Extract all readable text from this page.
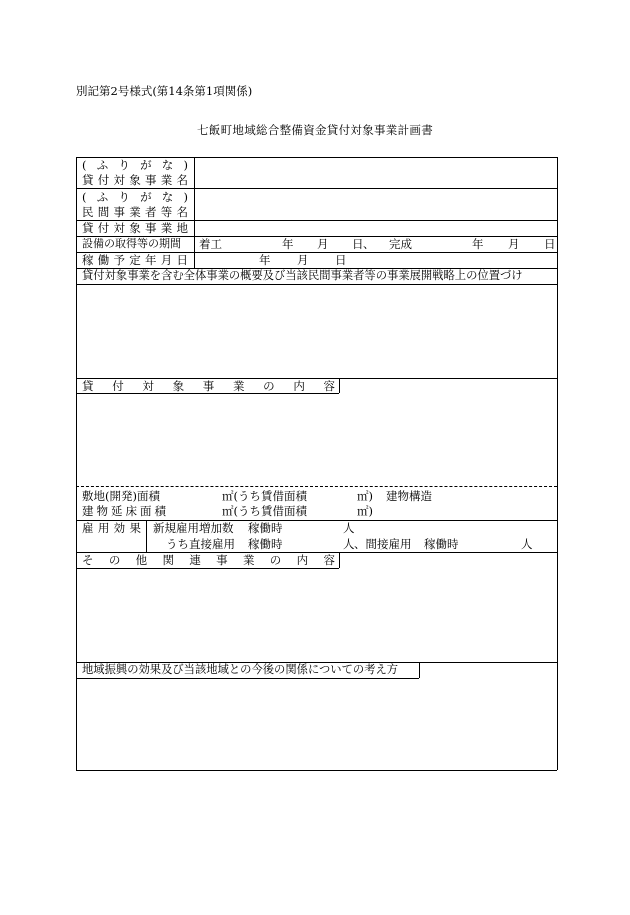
別記第2号様式(第14条第1項関係)
七飯町地域総合整備資金貸付対象事業計画書
( ふ り が な )
貸 付 対 象 事 業 名
( ふ り が な )
民 間 事 業 者 等 名
貸 付 対 象 事 業 地
設備の取得等の期間 着工	年 月 日 、 完成	年 月 日
稼 働 予 定 年 月 日	年 月 日
貸付対象事業を含む全体事業の概要及び当該民間事業者等の事業展開戦略上の位置づけ
貸 付 対 象 事 業 の 内 容
敷地(開発)面積	㎡(うち賃借面積	㎡) 建物構造
建 物 延 床 面 積	㎡(うち賃借面積	㎡)
雇 用 効 果 新規雇用増加数 稼働時	人
うち直接雇用 稼働時	人 、間接雇用 稼働時	人
そ の 他 関 連 事 業 の 内 容
地域振興の効果及び当該地域との今後の関係についての考え方
